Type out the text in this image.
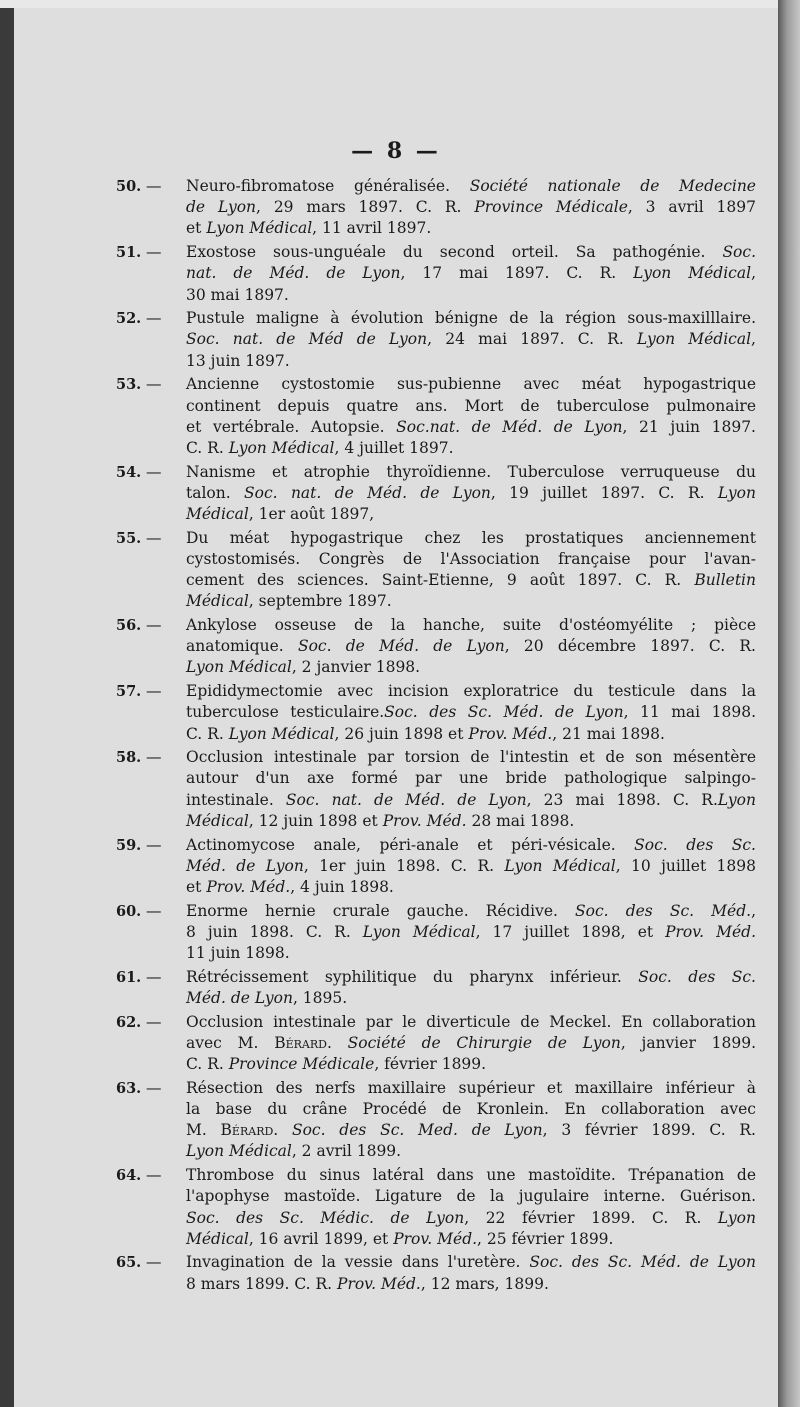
— 8 —
50. — Neuro-fibromatose généralisée. Société nationale de Medecine
de Lyon, 29 mars 1897. C. R. Province Médicale, 3 avril 1897
et Lyon Médical, 11 avril 1897.
51. — Exostose sous-unguéale du second orteil. Sa pathogénie. Soc.
nat. de Méd. de Lyon, 17 mai 1897. C. R. Lyon Médical,
30 mai 1897.
52. — Pustule maligne à évolution bénigne de la région sous-maxilllaire.
Soc. nat. de Méd de Lyon, 24 mai 1897. C. R. Lyon Médical,
13 juin 1897.
53. — Ancienne cystostomie sus-pubienne avec méat hypogastrique
continent depuis quatre ans. Mort de tuberculose pulmonaire
et vertébrale. Autopsie. Soc.nat. de Méd. de Lyon, 21 juin 1897.
C. R. Lyon Médical, 4 juillet 1897.
54. — Nanisme et atrophie thyroïdienne. Tuberculose verruqueuse du
talon. Soc. nat. de Méd. de Lyon, 19 juillet 1897. C. R. Lyon
Médical, 1er août 1897,
55. — Du méat hypogastrique chez les prostatiques anciennement
cystostomisés. Congrès de l'Association française pour l'avan-
cement des sciences. Saint-Etienne, 9 août 1897. C. R. Bulletin
Médical, septembre 1897.
56. — Ankylose osseuse de la hanche, suite d'ostéomyélite ; pièce
anatomique. Soc. de Méd. de Lyon, 20 décembre 1897. C. R.
Lyon Médical, 2 janvier 1898.
57. — Epididymectomie avec incision exploratrice du testicule dans la
tuberculose testiculaire.Soc. des Sc. Méd. de Lyon, 11 mai 1898.
C. R. Lyon Médical, 26 juin 1898 et Prov. Méd., 21 mai 1898.
58. — Occlusion intestinale par torsion de l'intestin et de son mésentère
autour d'un axe formé par une bride pathologique salpingo-
intestinale. Soc. nat. de Méd. de Lyon, 23 mai 1898. C. R.Lyon
Médical, 12 juin 1898 et Prov. Méd. 28 mai 1898.
59. — Actinomycose anale, péri-anale et péri-vésicale. Soc. des Sc.
Méd. de Lyon, 1er juin 1898. C. R. Lyon Médical, 10 juillet 1898
et Prov. Méd., 4 juin 1898.
60. — Enorme hernie crurale gauche. Récidive. Soc. des Sc. Méd.,
8 juin 1898. C. R. Lyon Médical, 17 juillet 1898, et Prov. Méd.
11 juin 1898.
61. — Rétrécissement syphilitique du pharynx inférieur. Soc. des Sc.
Méd. de Lyon, 1895.
62. — Occlusion intestinale par le diverticule de Meckel. En collaboration
avec M. Bérard. Société de Chirurgie de Lyon, janvier 1899.
C. R. Province Médicale, février 1899.
63. — Résection des nerfs maxillaire supérieur et maxillaire inférieur à
la base du crâne Procédé de Kronlein. En collaboration avec
M. Bérard. Soc. des Sc. Med. de Lyon, 3 février 1899. C. R.
Lyon Médical, 2 avril 1899.
64. — Thrombose du sinus latéral dans une mastoïdite. Trépanation de
l'apophyse mastoïde. Ligature de la jugulaire interne. Guérison.
Soc. des Sc. Médic. de Lyon, 22 février 1899. C. R. Lyon
Médical, 16 avril 1899, et Prov. Méd., 25 février 1899.
65. — Invagination de la vessie dans l'uretère. Soc. des Sc. Méd. de Lyon
8 mars 1899. C. R. Prov. Méd., 12 mars, 1899.
